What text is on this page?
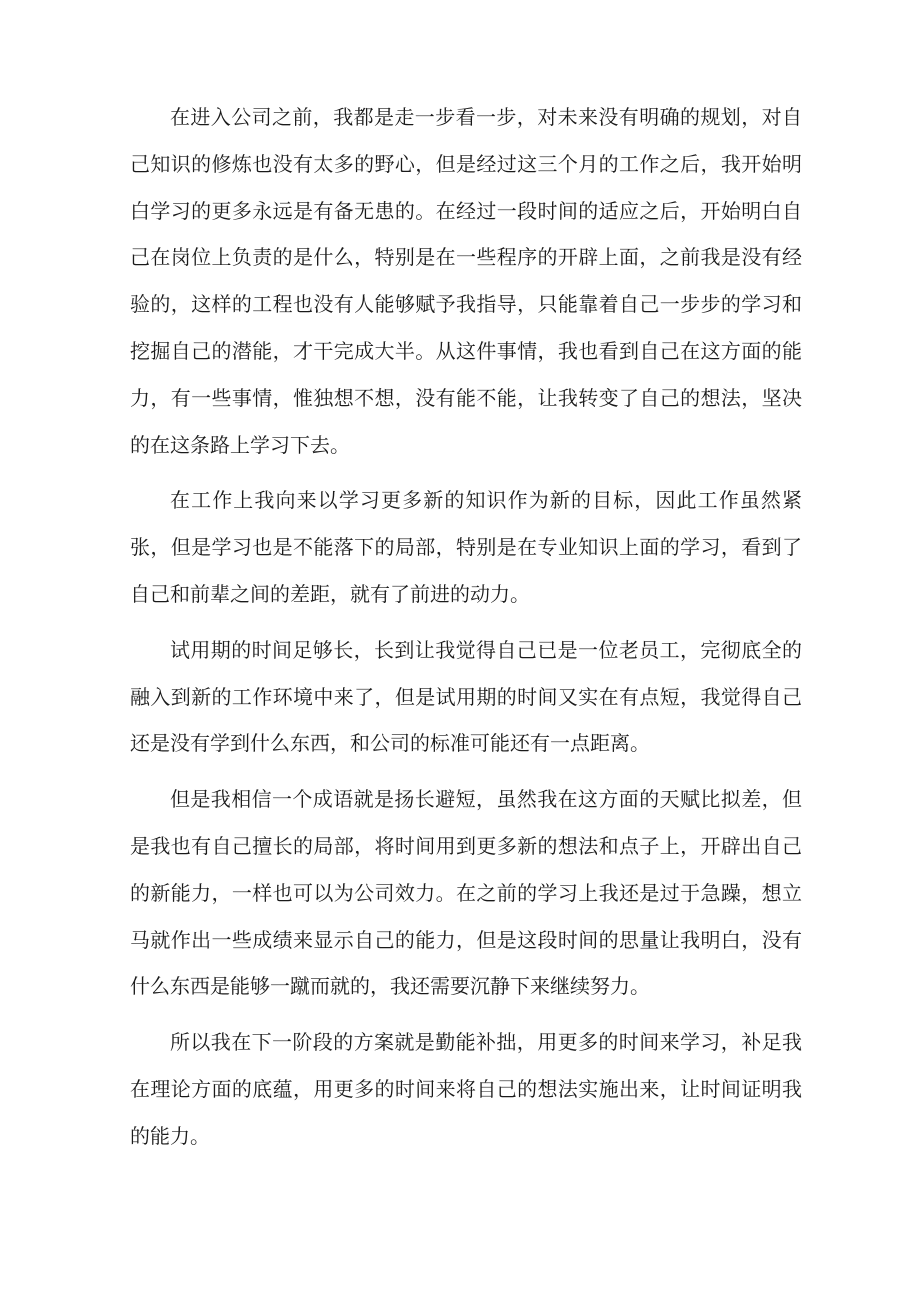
在进入公司之前，我都是走一步看一步，对未来没有明确的规划，对自己知识的修炼也没有太多的野心，但是经过这三个月的工作之后，我开始明白学习的更多永远是有备无患的。在经过一段时间的适应之后，开始明白自己在岗位上负责的是什么，特别是在一些程序的开辟上面，之前我是没有经验的，这样的工程也没有人能够赋予我指导，只能靠着自己一步步的学习和挖掘自己的潜能，才干完成大半。从这件事情，我也看到自己在这方面的能力，有一些事情，惟独想不想，没有能不能，让我转变了自己的想法，坚决的在这条路上学习下去。

在工作上我向来以学习更多新的知识作为新的目标，因此工作虽然紧张，但是学习也是不能落下的局部，特别是在专业知识上面的学习，看到了自己和前辈之间的差距，就有了前进的动力。

试用期的时间足够长，长到让我觉得自己已是一位老员工，完彻底全的融入到新的工作环境中来了，但是试用期的时间又实在有点短，我觉得自己还是没有学到什么东西，和公司的标准可能还有一点距离。

但是我相信一个成语就是扬长避短，虽然我在这方面的天赋比拟差，但是我也有自己擅长的局部，将时间用到更多新的想法和点子上，开辟出自己的新能力，一样也可以为公司效力。在之前的学习上我还是过于急躁，想立马就作出一些成绩来显示自己的能力，但是这段时间的思量让我明白，没有什么东西是能够一蹴而就的，我还需要沉静下来继续努力。

所以我在下一阶段的方案就是勤能补拙，用更多的时间来学习，补足我在理论方面的底蕴，用更多的时间来将自己的想法实施出来，让时间证明我的能力。
